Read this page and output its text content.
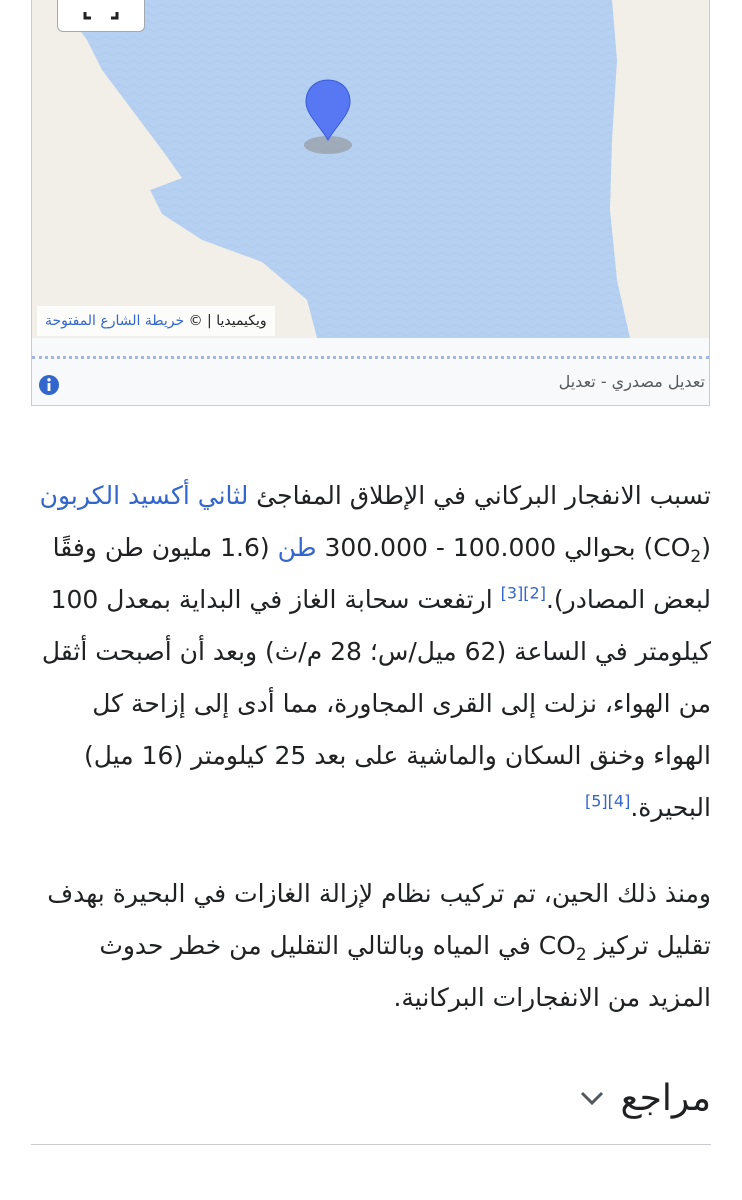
ويكيميديا | © خريطة الشارع المفتوحة
تعديل مصدري - تعديل

تسبب الانفجار البركاني في الإطلاق المفاجئ لثاني أكسيد الكربون $(CO_2)$ بحوالي 100.000 - 300.000 طن (1.6 مليون طن وفقًا لبعض المصادر).[2][3] ارتفعت سحابة الغاز في البداية بمعدل 100 كيلومتر في الساعة (62 ميل/س؛ 28 م/ث) وبعد أن أصبحت أثقل من الهواء، نزلت إلى القرى المجاورة، مما أدى إلى إزاحة كل الهواء وخنق السكان والماشية على بعد 25 كيلومتر (16 ميل) البحيرة.[4][5]

ومنذ ذلك الحين، تم تركيب نظام لإزالة الغازات في البحيرة بهدف تقليل تركيز $CO_2$ في المياه وبالتالي التقليل من خطر حدوث المزيد من الانفجارات البركانية.

مراجع
